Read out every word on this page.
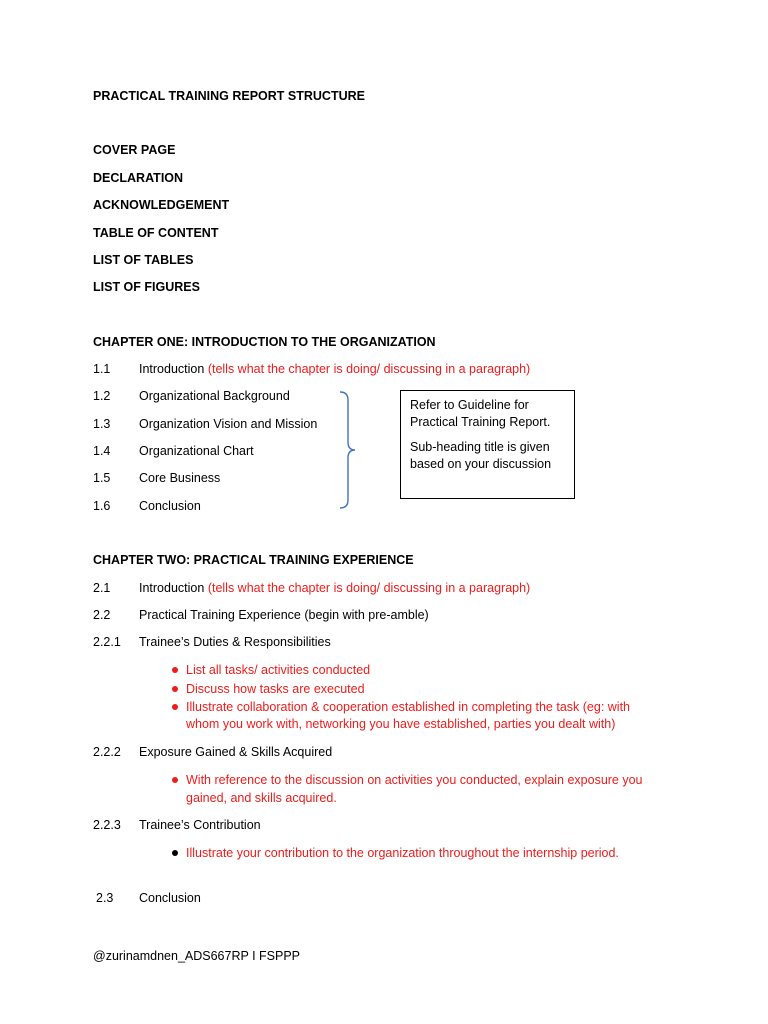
PRACTICAL TRAINING REPORT STRUCTURE
COVER PAGE
DECLARATION
ACKNOWLEDGEMENT
TABLE OF CONTENT
LIST OF TABLES
LIST OF FIGURES
CHAPTER ONE: INTRODUCTION TO THE ORGANIZATION
1.1 Introduction (tells what the chapter is doing/ discussing in a paragraph)
1.2 Organizational Background
1.3 Organization Vision and Mission
1.4 Organizational Chart
1.5 Core Business
1.6 Conclusion

Refer to Guideline for
Practical Training Report.

Sub-heading title is given
based on your discussion

CHAPTER TWO: PRACTICAL TRAINING EXPERIENCE
2.1 Introduction (tells what the chapter is doing/ discussing in a paragraph)
2.2 Practical Training Experience (begin with pre-amble)
2.2.1 Trainee’s Duties & Responsibilities
List all tasks/ activities conducted
Discuss how tasks are executed
Illustrate collaboration & cooperation established in completing the task (eg: with
whom you work with, networking you have established, parties you dealt with)
2.2.2 Exposure Gained & Skills Acquired
With reference to the discussion on activities you conducted, explain exposure you
gained, and skills acquired.
2.2.3 Trainee’s Contribution
Illustrate your contribution to the organization throughout the internship period.
2.3 Conclusion
@zurinamdnen_ADS667RP I FSPPP
